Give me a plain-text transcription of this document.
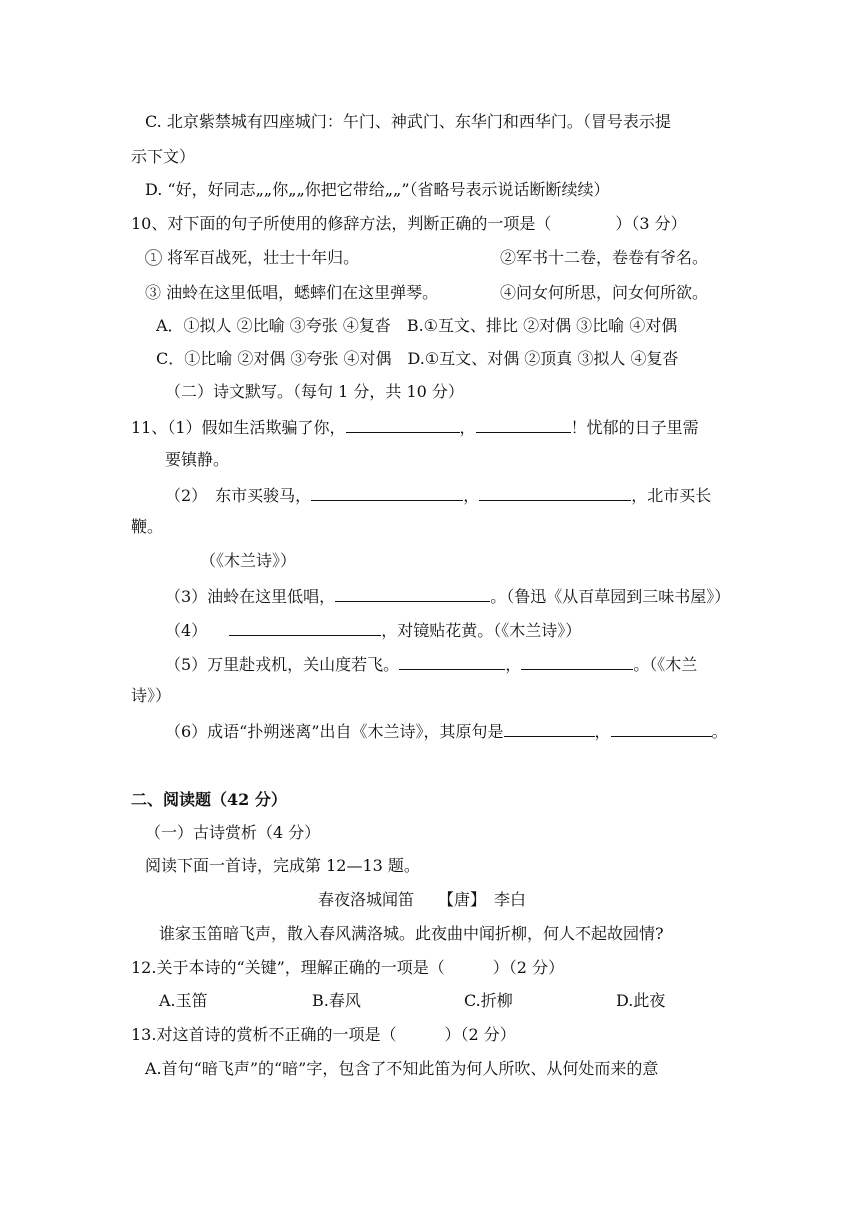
C. 北京紫禁城有四座城门：午门、神武门、东华门和西华门。（冒号表示提
示下文）
D. “好，好同志„„你„„你把它带给„„”（省略号表示说话断断续续）
10、对下面的句子所使用的修辞方法，判断正确的一项是（　　　　）（3 分）
1 将军百战死，壮士十年归。	②军书十二卷，卷卷有爷名。
③ 油蛉在这里低唱，蟋蟀们在这里弹琴。	④问女何所思，问女何所欲。
A．①拟人 ②比喻 ③夸张 ④复沓　B.①互文、排比 ②对偶 ③比喻 ④对偶
C．①比喻 ②对偶 ③夸张 ④对偶　D.①互文、对偶 ②顶真 ③拟人 ④复沓
（二）诗文默写。（每句 1 分，共 10 分）
11、（1）假如生活欺骗了你，	，	！忧郁的日子里需
要镇静。
（2）　东市买骏马，	，	，北市买长
鞭。
（《木兰诗》）
（3）油蛉在这里低唱，	。（鲁迅《从百草园到三味书屋》）
（4）	，对镜贴花黄。（《木兰诗》）
（5）万里赴戎机，关山度若飞。	，	。（《木兰
诗》）
（6）成语“扑朔迷离”出自《木兰诗》，其原句是	，	。
二、阅读题（42 分）
（一）古诗赏析（4 分）
阅读下面一首诗，完成第 12—13 题。
春夜洛城闻笛　　【唐】　李白
谁家玉笛暗飞声，散入春风满洛城。此夜曲中闻折柳，何人不起故园情?
12.关于本诗的“关键”，理解正确的一项是（　　　）（2 分）
A.玉笛	B.春风	C.折柳	D.此夜
13.对这首诗的赏析不正确的一项是（　　　）（2 分）
A.首句“暗飞声”的“暗”字，包含了不知此笛为何人所吹、从何处而来的意
